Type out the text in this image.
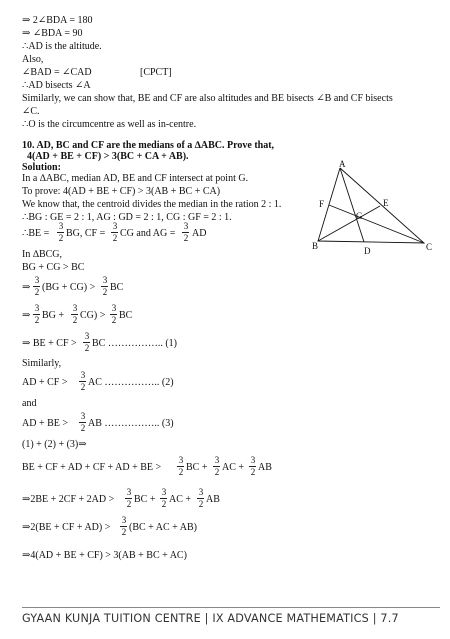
⇒ 2∠BDA = 180
⇒ ∠BDA = 90
∴AD is the altitude.
Also,
∠BAD = ∠CAD	[CPCT]
∴AD bisects ∠A
Similarly, we can show that, BE and CF are also altitudes and BE bisects ∠B and CF bisects
∠C.
∴O is the circumcentre as well as in-centre.
10. AD, BC and CF are the medians of a ∆ABC. Prove that,
4(AD + BE + CF) > 3(BC + CA + AB).
Solution:
In a ∆ABC, median AD, BE and CF intersect at point G.
To prove: 4(AD + BE + CF) > 3(AB + BC + CA)
We know that, the centroid divides the median in the ration 2 : 1.
∴BG : GE = 2 : 1, AG : GD = 2 : 1, CG : GF = 2 : 1.
∴BE =
3
2 BG, CF =
3
2 CG and AG =
3
2 AD
In ∆BCG,
BG + CG > BC
⇒
3
2 (BG + CG) >
3
2 BC
⇒
3
2 BG +
3
2 CG) >
3
2 BC
⇒ BE + CF >
3
2 BC …………….. (1)
Similarly,
AD + CF >
3
2 AC …………….. (2)
and
AD + BE >
3
2 AB …………….. (3)
(1) + (2) + (3)⇒
BE + CF + AD + CF + AD + BE >
3
2 BC +
3
2 AC +
3
2 AB
⇒2BE + 2CF + 2AD >
3
2 BC +
3
2 AC +
3
2 AB
⇒2(BE + CF + AD) >
3
2 (BC + AC + AB)
⇒4(AD + BE + CF) > 3(AB + BC + AC)
A
B	C
D
E
F
G
GYAAN KUNJA TUITION CENTRE | IX ADVANCE MATHEMATICS | 7.7
